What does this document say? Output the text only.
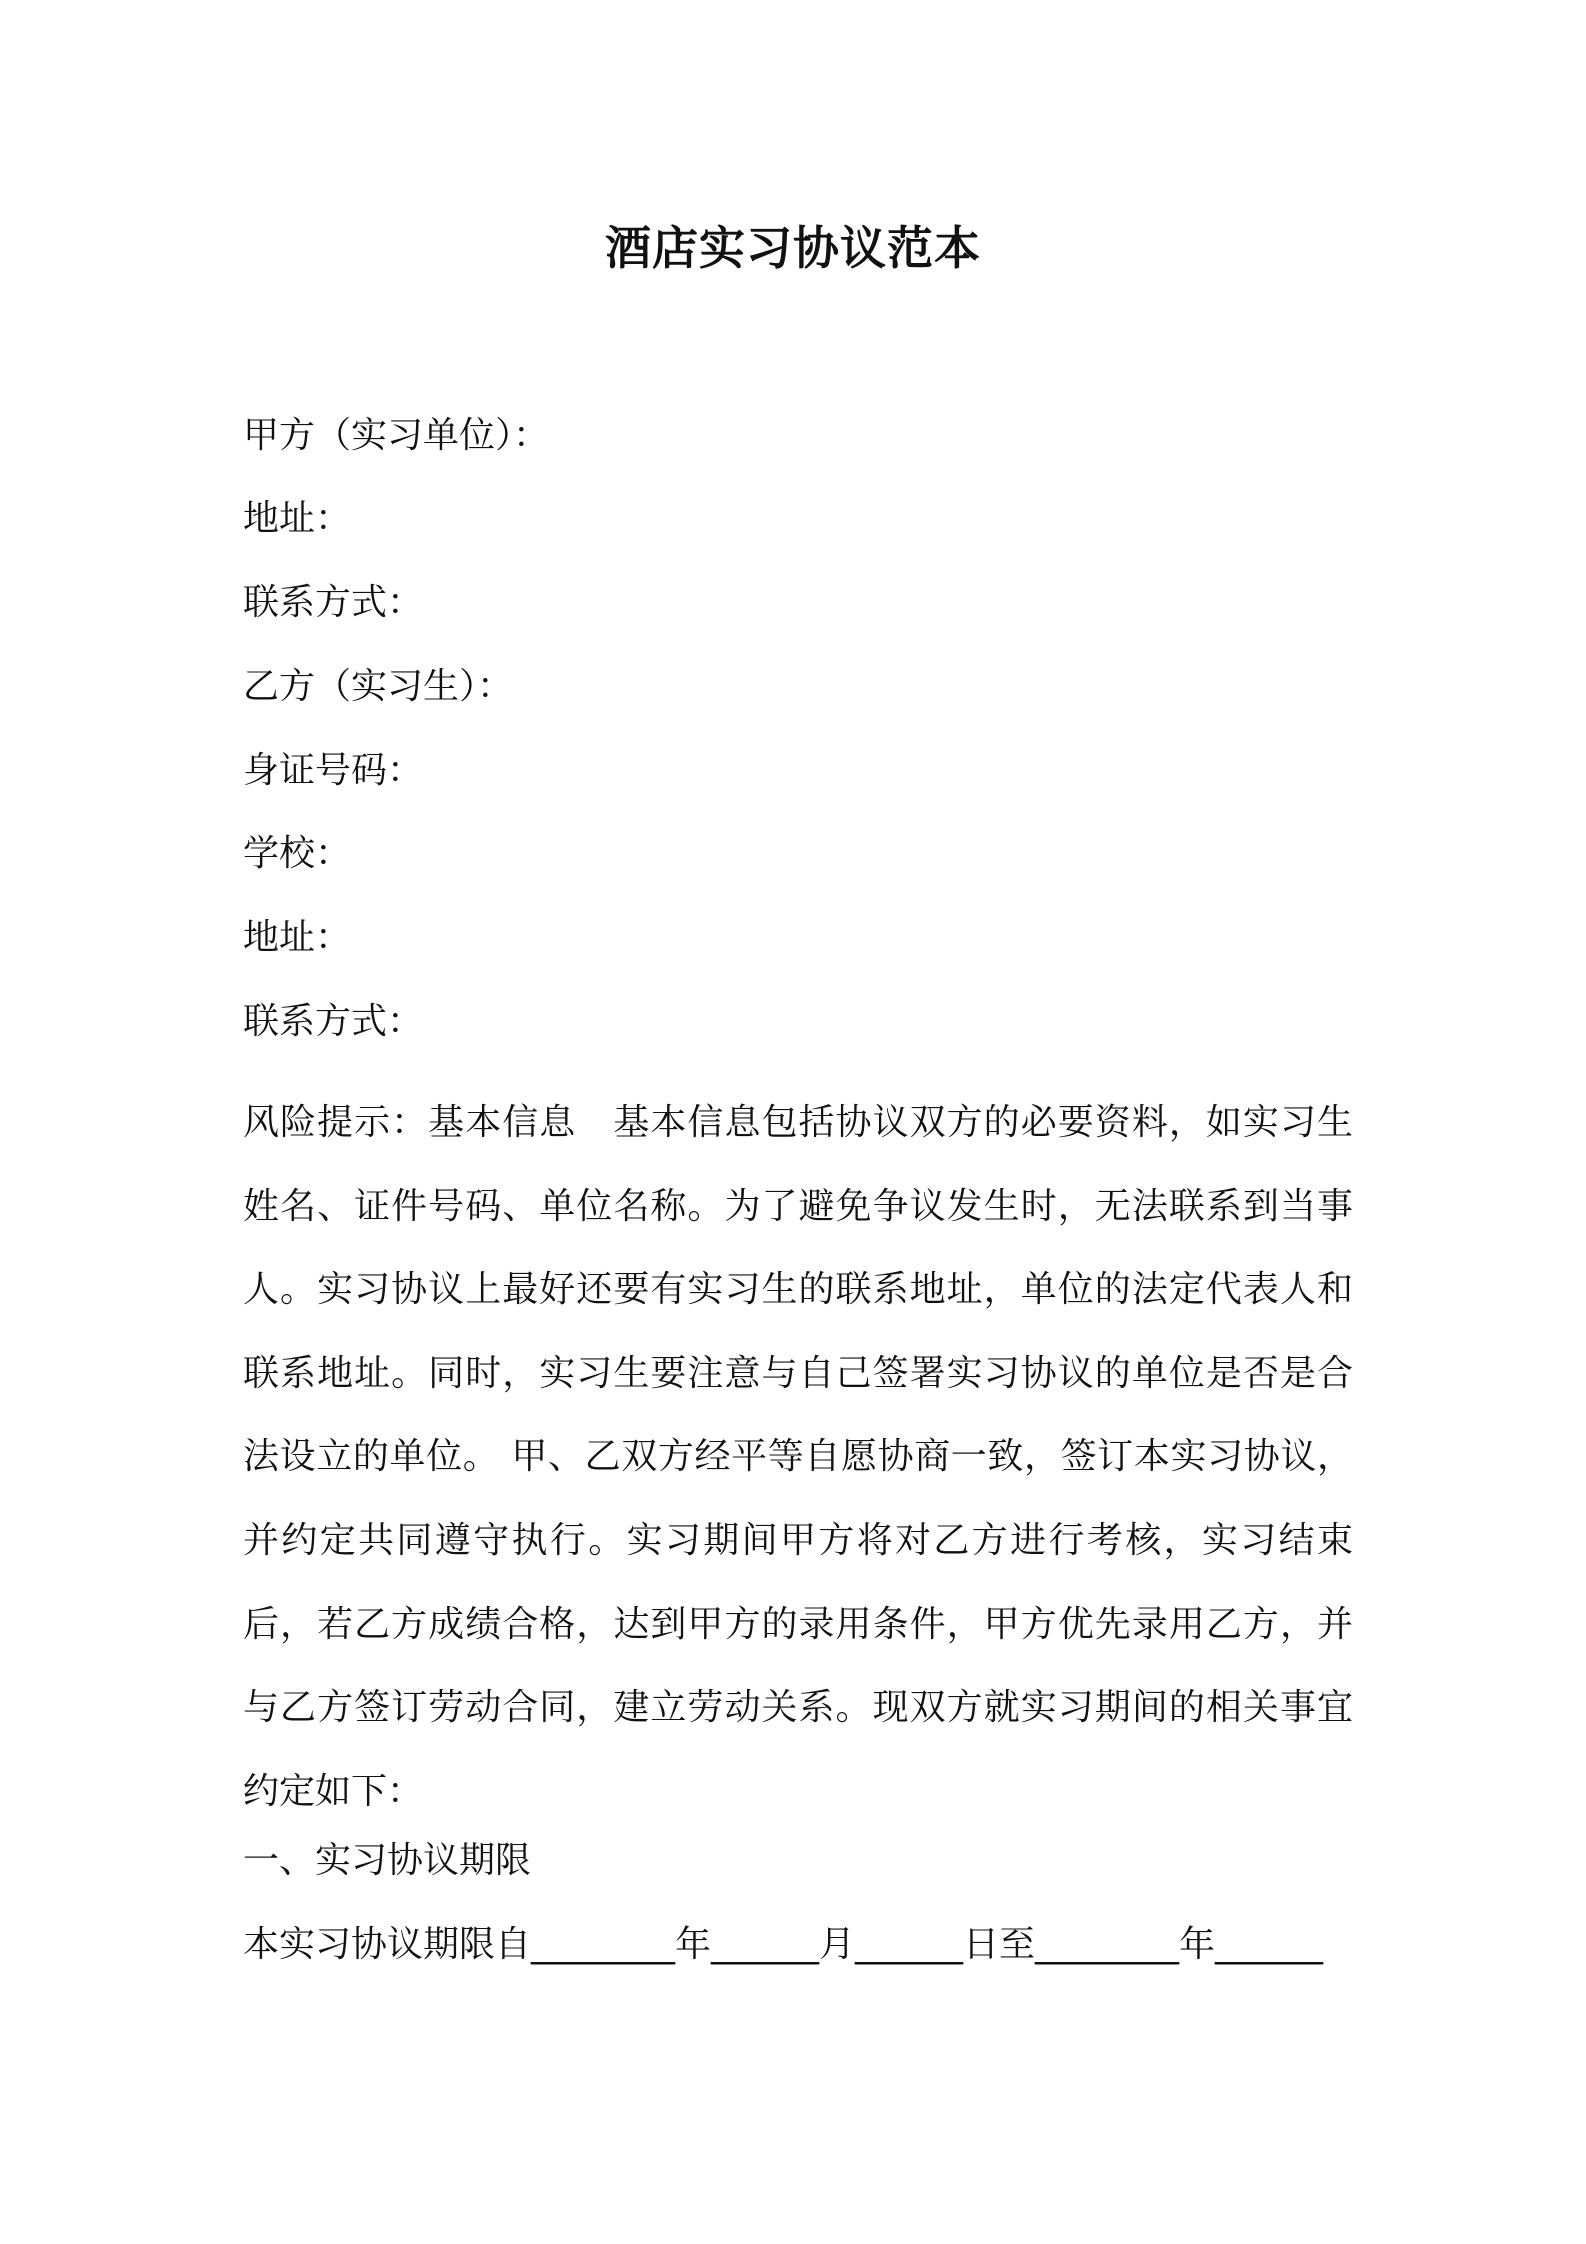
酒店实习协议范本
甲方（实习单位）：
地址：
联系方式：
乙方（实习生）：
身证号码：
学校：
地址：
联系方式：
风险提示：基本信息　基本信息包括协议双方的必要资料，如实习生姓名、证件号码、单位名称。为了避免争议发生时，无法联系到当事人。实习协议上最好还要有实习生的联系地址，单位的法定代表人和联系地址。同时，实习生要注意与自己签署实习协议的单位是否是合法设立的单位。 甲、乙双方经平等自愿协商一致，签订本实习协议，并约定共同遵守执行。实习期间甲方将对乙方进行考核，实习结束后，若乙方成绩合格，达到甲方的录用条件，甲方优先录用乙方，并与乙方签订劳动合同，建立劳动关系。现双方就实习期间的相关事宜约定如下：
一、实习协议期限
本实习协议期限自________年______月______日至________年______
